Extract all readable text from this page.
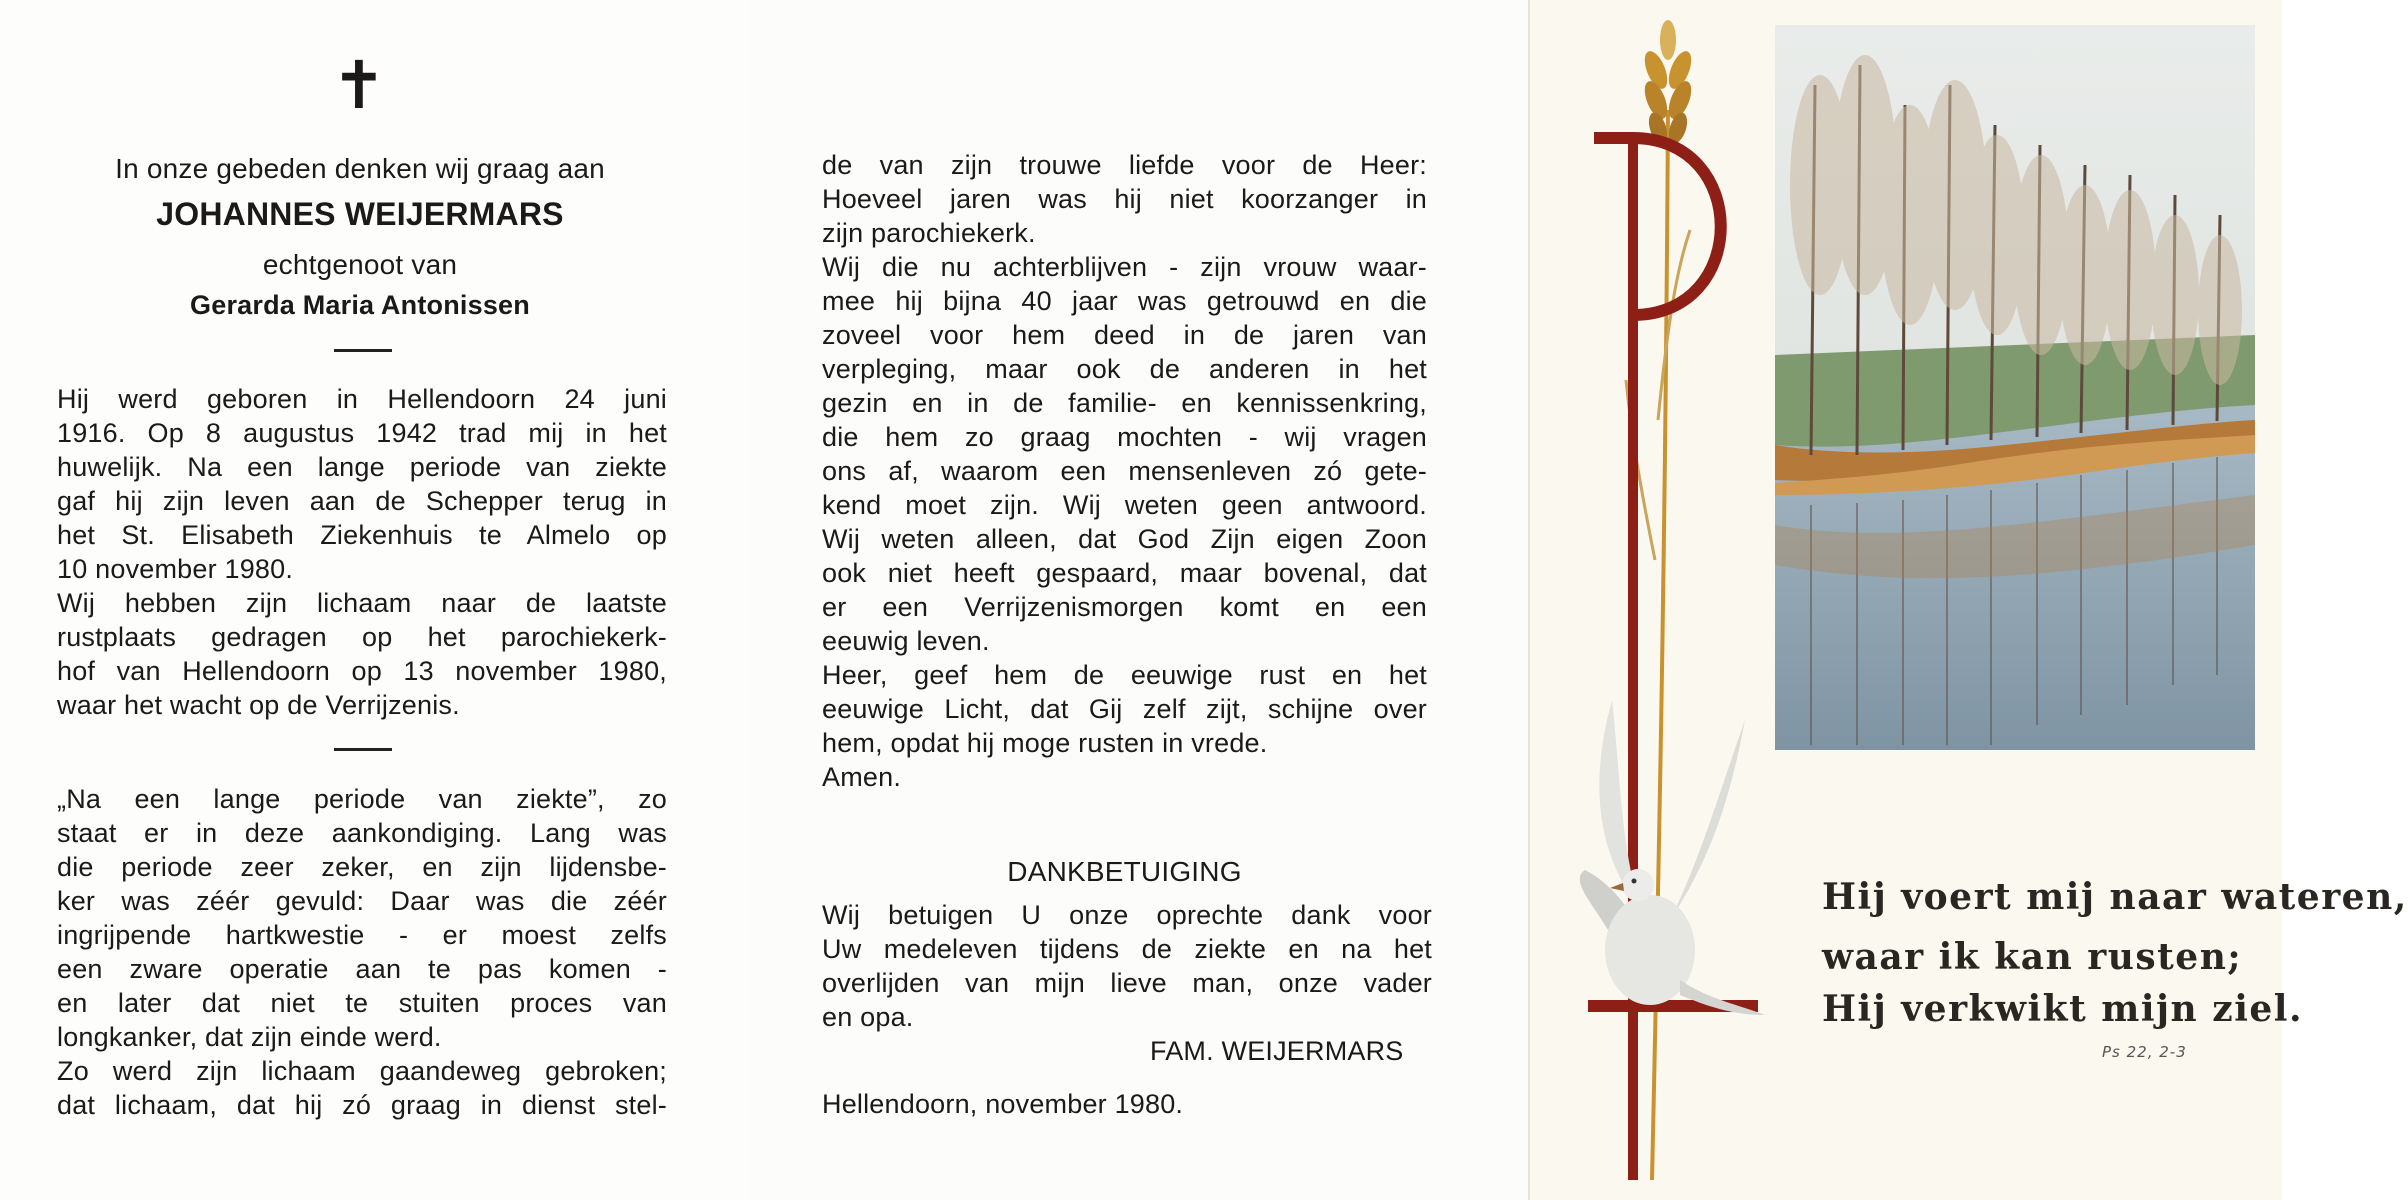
✝
In onze gebeden denken wij graag aan
JOHANNES WEIJERMARS
echtgenoot van
Gerarda Maria Antonissen
Hij werd geboren in Hellendoorn 24 juni
1916. Op 8 augustus 1942 trad mij in het
huwelijk. Na een lange periode van ziekte
gaf hij zijn leven aan de Schepper terug in
het St. Elisabeth Ziekenhuis te Almelo op
10 november 1980.
Wij hebben zijn lichaam naar de laatste
rustplaats gedragen op het parochiekerk-
hof van Hellendoorn op 13 november 1980,
waar het wacht op de Verrijzenis.
„Na een lange periode van ziekte”, zo
staat er in deze aankondiging. Lang was
die periode zeer zeker, en zijn lijdensbe-
ker was zéér gevuld: Daar was die zéér
ingrijpende hartkwestie - er moest zelfs
een zware operatie aan te pas komen -
en later dat niet te stuiten proces van
longkanker, dat zijn einde werd.
Zo werd zijn lichaam gaandeweg gebroken;
dat lichaam, dat hij zó graag in dienst stel-
de van zijn trouwe liefde voor de Heer:
Hoeveel jaren was hij niet koorzanger in
zijn parochiekerk.
Wij die nu achterblijven - zijn vrouw waar-
mee hij bijna 40 jaar was getrouwd en die
zoveel voor hem deed in de jaren van
verpleging, maar ook de anderen in het
gezin en in de familie- en kennissenkring,
die hem zo graag mochten - wij vragen
ons af, waarom een mensenleven zó gete-
kend moet zijn. Wij weten geen antwoord.
Wij weten alleen, dat God Zijn eigen Zoon
ook niet heeft gespaard, maar bovenal, dat
er een Verrijzenismorgen komt en een
eeuwig leven.
Heer, geef hem de eeuwige rust en het
eeuwige Licht, dat Gij zelf zijt, schijne over
hem, opdat hij moge rusten in vrede.
Amen.
DANKBETUIGING
Wij betuigen U onze oprechte dank voor
Uw medeleven tijdens de ziekte en na het
overlijden van mijn lieve man, onze vader
en opa.
FAM. WEIJERMARS
Hellendoorn, november 1980.
Hij voert mij naar wateren,
waar ik kan rusten;
Hij verkwikt mijn ziel.
Ps 22, 2-3
